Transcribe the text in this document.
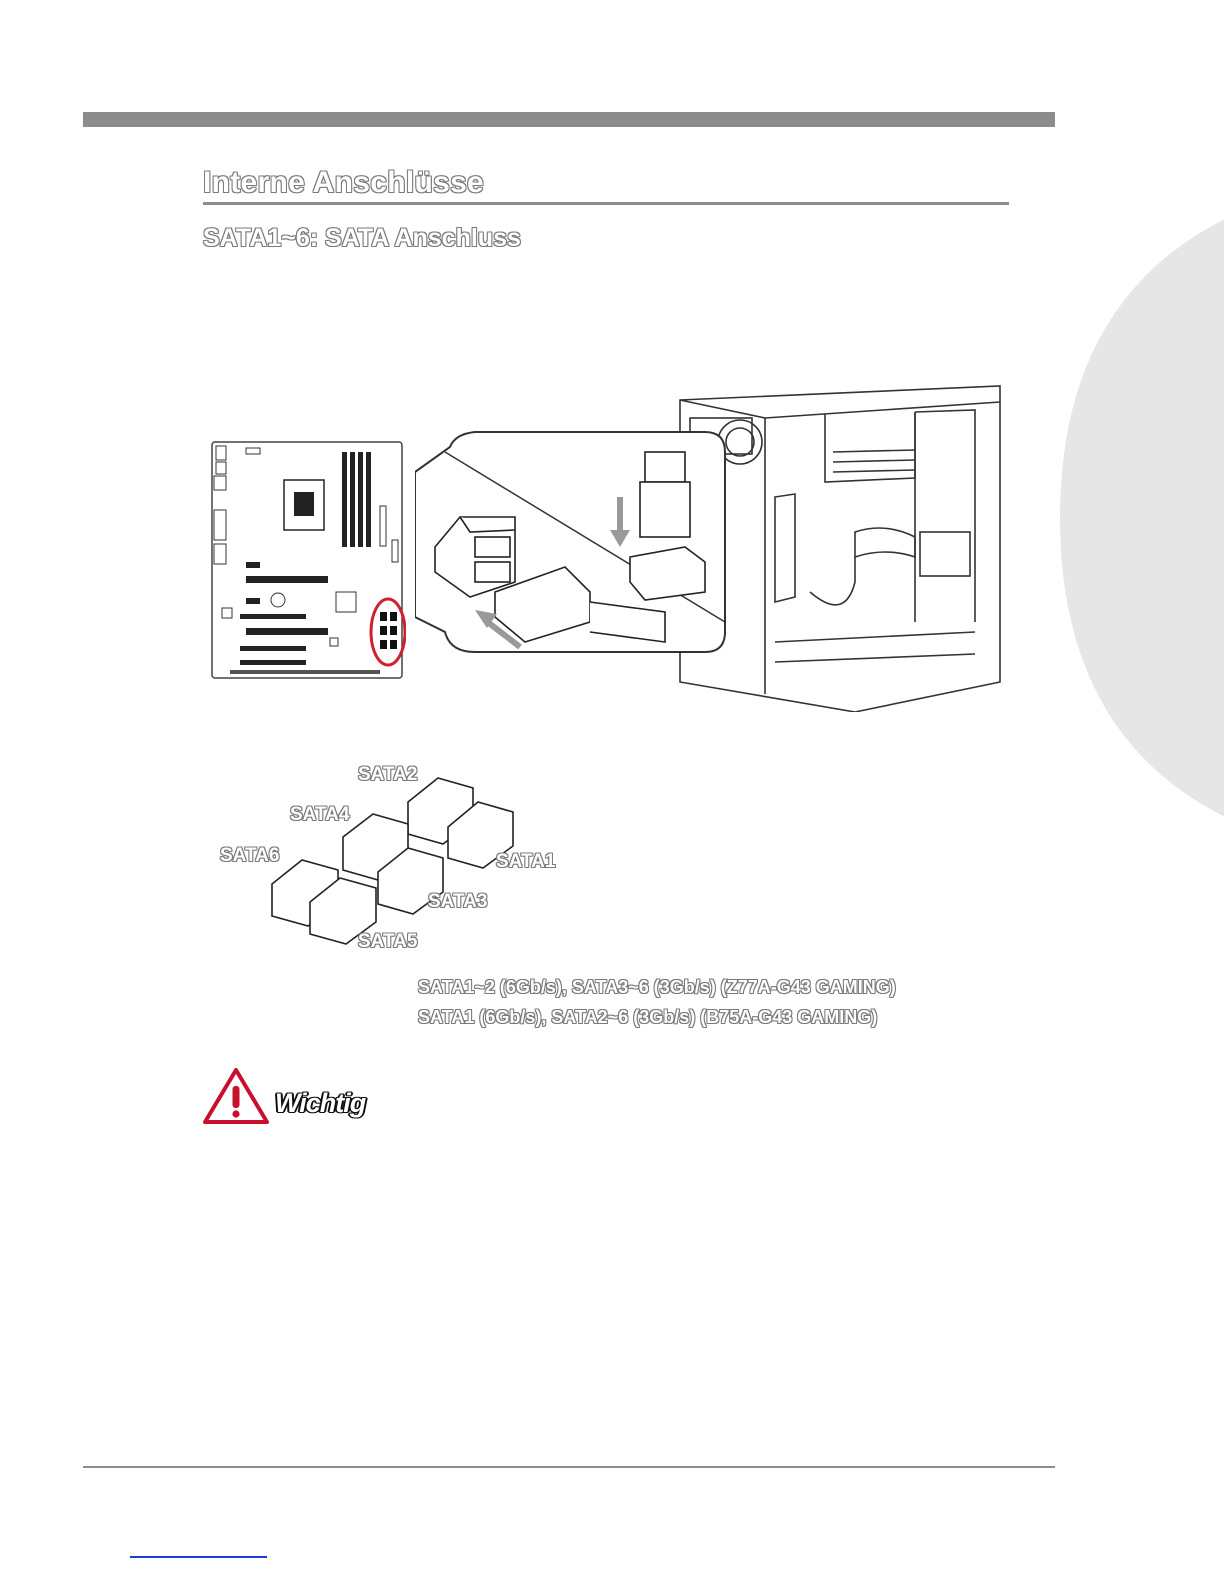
Interne Anschlüsse
SATA1~6: SATA Anschluss
SATA2
SATA4
SATA6	SATA1
SATA3
SATA5
SATA1~2 (6Gb/s), SATA3~6 (3Gb/s) (Z77A-G43 GAMING)
SATA1 (6Gb/s), SATA2~6 (3Gb/s) (B75A-G43 GAMING)
Wichtig
